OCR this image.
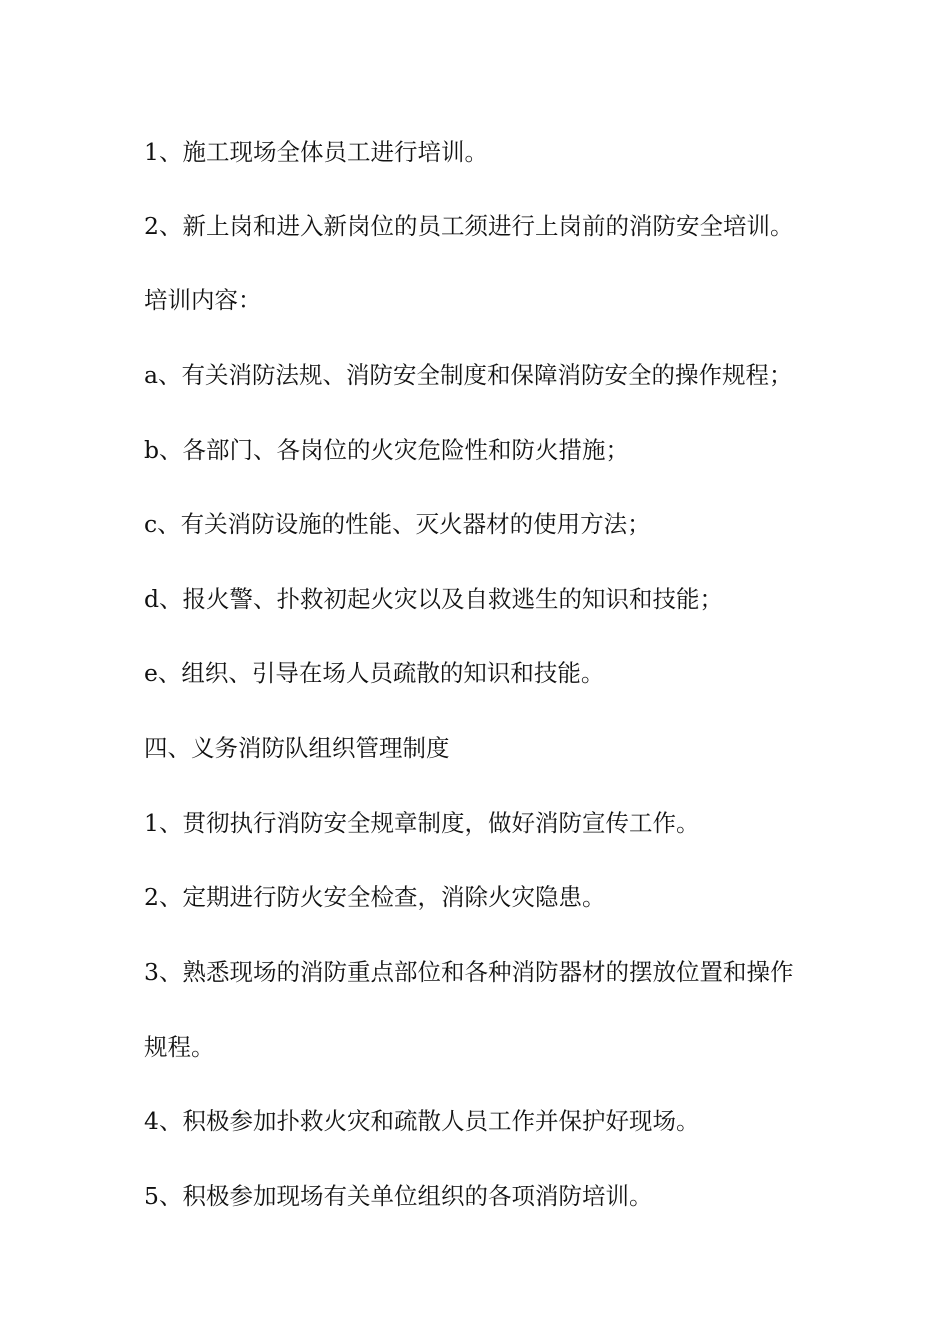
1、施工现场全体员工进行培训。

2、新上岗和进入新岗位的员工须进行上岗前的消防安全培训。

培训内容：

a、有关消防法规、消防安全制度和保障消防安全的操作规程；

b、各部门、各岗位的火灾危险性和防火措施；

c、有关消防设施的性能、灭火器材的使用方法；

d、报火警、扑救初起火灾以及自救逃生的知识和技能；

e、组织、引导在场人员疏散的知识和技能。

四、义务消防队组织管理制度

1、贯彻执行消防安全规章制度，做好消防宣传工作。

2、定期进行防火安全检查，消除火灾隐患。

3、熟悉现场的消防重点部位和各种消防器材的摆放位置和操作

规程。

4、积极参加扑救火灾和疏散人员工作并保护好现场。

5、积极参加现场有关单位组织的各项消防培训。
